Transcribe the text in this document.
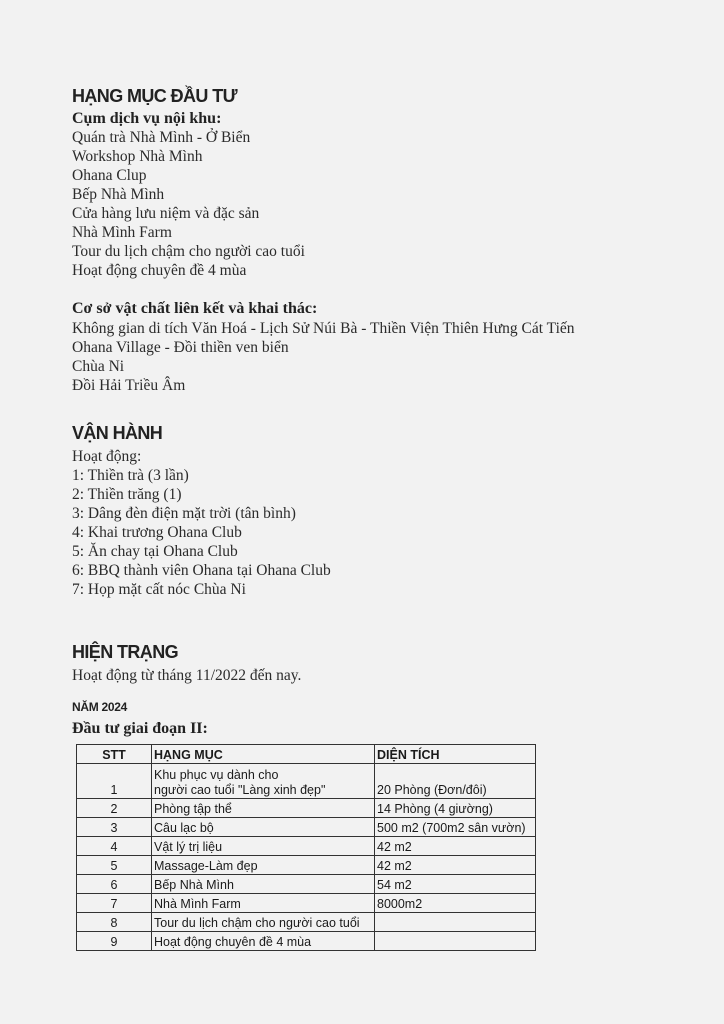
HẠNG MỤC ĐẦU TƯ
Cụm dịch vụ nội khu:
Quán trà Nhà Mình - Ở Biển
Workshop Nhà Mình
Ohana Clup
Bếp Nhà Mình
Cửa hàng lưu niệm và đặc sản
Nhà Mình Farm
Tour du lịch chậm cho người cao tuổi
Hoạt động chuyên đề 4 mùa
Cơ sở vật chất liên kết và khai thác:
Không gian di tích Văn Hoá - Lịch Sử Núi Bà - Thiền Viện Thiên Hưng Cát Tiến
Ohana Village - Đồi thiền ven biển
Chùa Ni
Đồi Hải Triều Âm
VẬN HÀNH
Hoạt động:
1: Thiền trà (3 lần)
2: Thiền trăng (1)
3: Dâng đèn điện mặt trời (tân bình)
4: Khai trương Ohana Club
5: Ăn chay tại Ohana Club
6: BBQ thành viên Ohana tại Ohana Club
7: Họp mặt cất nóc Chùa Ni
HIỆN TRẠNG
Hoạt động từ tháng 11/2022 đến nay.
NĂM 2024
Đầu tư giai đoạn II:
STT	HẠNG MỤC	DIỆN TÍCH
1	Khu phục vụ dành cho
người cao tuổi "Làng xinh đẹp"	20 Phòng (Đơn/đôi)
2	Phòng tập thể	14 Phòng (4 giường)
3	Câu lạc bộ	500 m2 (700m2 sân vườn)
4	Vật lý trị liệu	42 m2
5	Massage-Làm đẹp	42 m2
6	Bếp Nhà Mình	54 m2
7	Nhà Mình Farm	8000m2
8	Tour du lịch chậm cho người cao tuổi	
9	Hoạt động chuyên đề 4 mùa	
